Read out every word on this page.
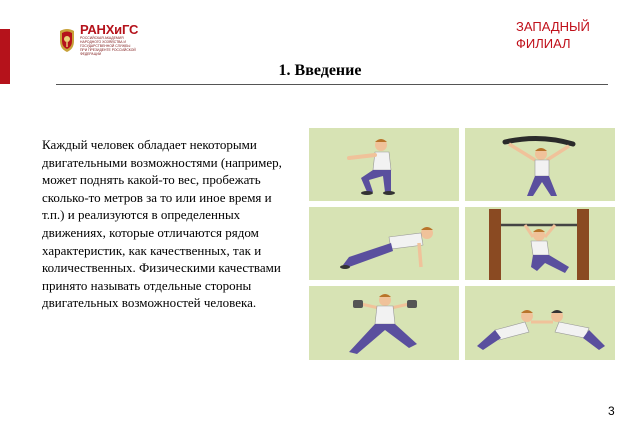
РАНХиГС
РОССИЙСКАЯ АКАДЕМИЯ НАРОДНОГО ХОЗЯЙСТВА И ГОСУДАРСТВЕННОЙ СЛУЖБЫ ПРИ ПРЕЗИДЕНТЕ РОССИЙСКОЙ ФЕДЕРАЦИИ
ЗАПАДНЫЙ
ФИЛИАЛ
1. Введение
Каждый человек обладает некоторыми двигательными возможностями (например, может поднять какой-то вес, пробежать сколько-то метров за то или иное время и т.п.) и реализуются в определенных движениях, которые отличаются рядом характеристик, как качественных, так и количественных. Физическими качествами принято называть отдельные стороны двигательных возможностей человека.
3
